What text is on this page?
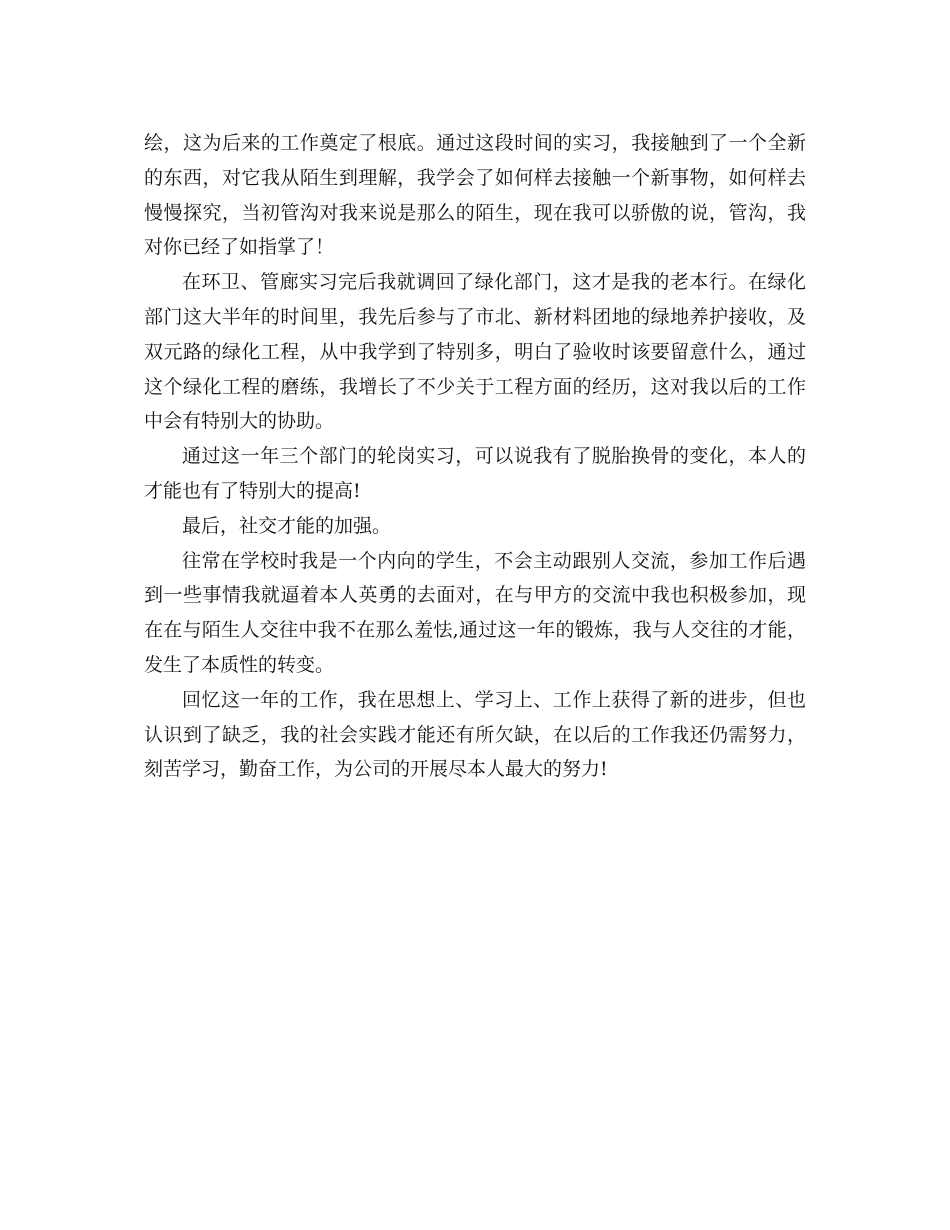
绘，这为后来的工作奠定了根底。通过这段时间的实习，我接触到了一个全新的东西，对它我从陌生到理解，我学会了如何样去接触一个新事物，如何样去慢慢探究，当初管沟对我来说是那么的陌生，现在我可以骄傲的说，管沟，我对你已经了如指掌了！

在环卫、管廊实习完后我就调回了绿化部门，这才是我的老本行。在绿化部门这大半年的时间里，我先后参与了市北、新材料团地的绿地养护接收，及双元路的绿化工程，从中我学到了特别多，明白了验收时该要留意什么，通过这个绿化工程的磨练，我增长了不少关于工程方面的经历，这对我以后的工作中会有特别大的协助。

通过这一年三个部门的轮岗实习，可以说我有了脱胎换骨的变化，本人的才能也有了特别大的提高!

最后，社交才能的加强。

往常在学校时我是一个内向的学生，不会主动跟别人交流，参加工作后遇到一些事情我就逼着本人英勇的去面对，在与甲方的交流中我也积极参加，现在在与陌生人交往中我不在那么羞怯,通过这一年的锻炼，我与人交往的才能，发生了本质性的转变。

回忆这一年的工作，我在思想上、学习上、工作上获得了新的进步，但也认识到了缺乏，我的社会实践才能还有所欠缺，在以后的工作我还仍需努力，刻苦学习，勤奋工作，为公司的开展尽本人最大的努力!
